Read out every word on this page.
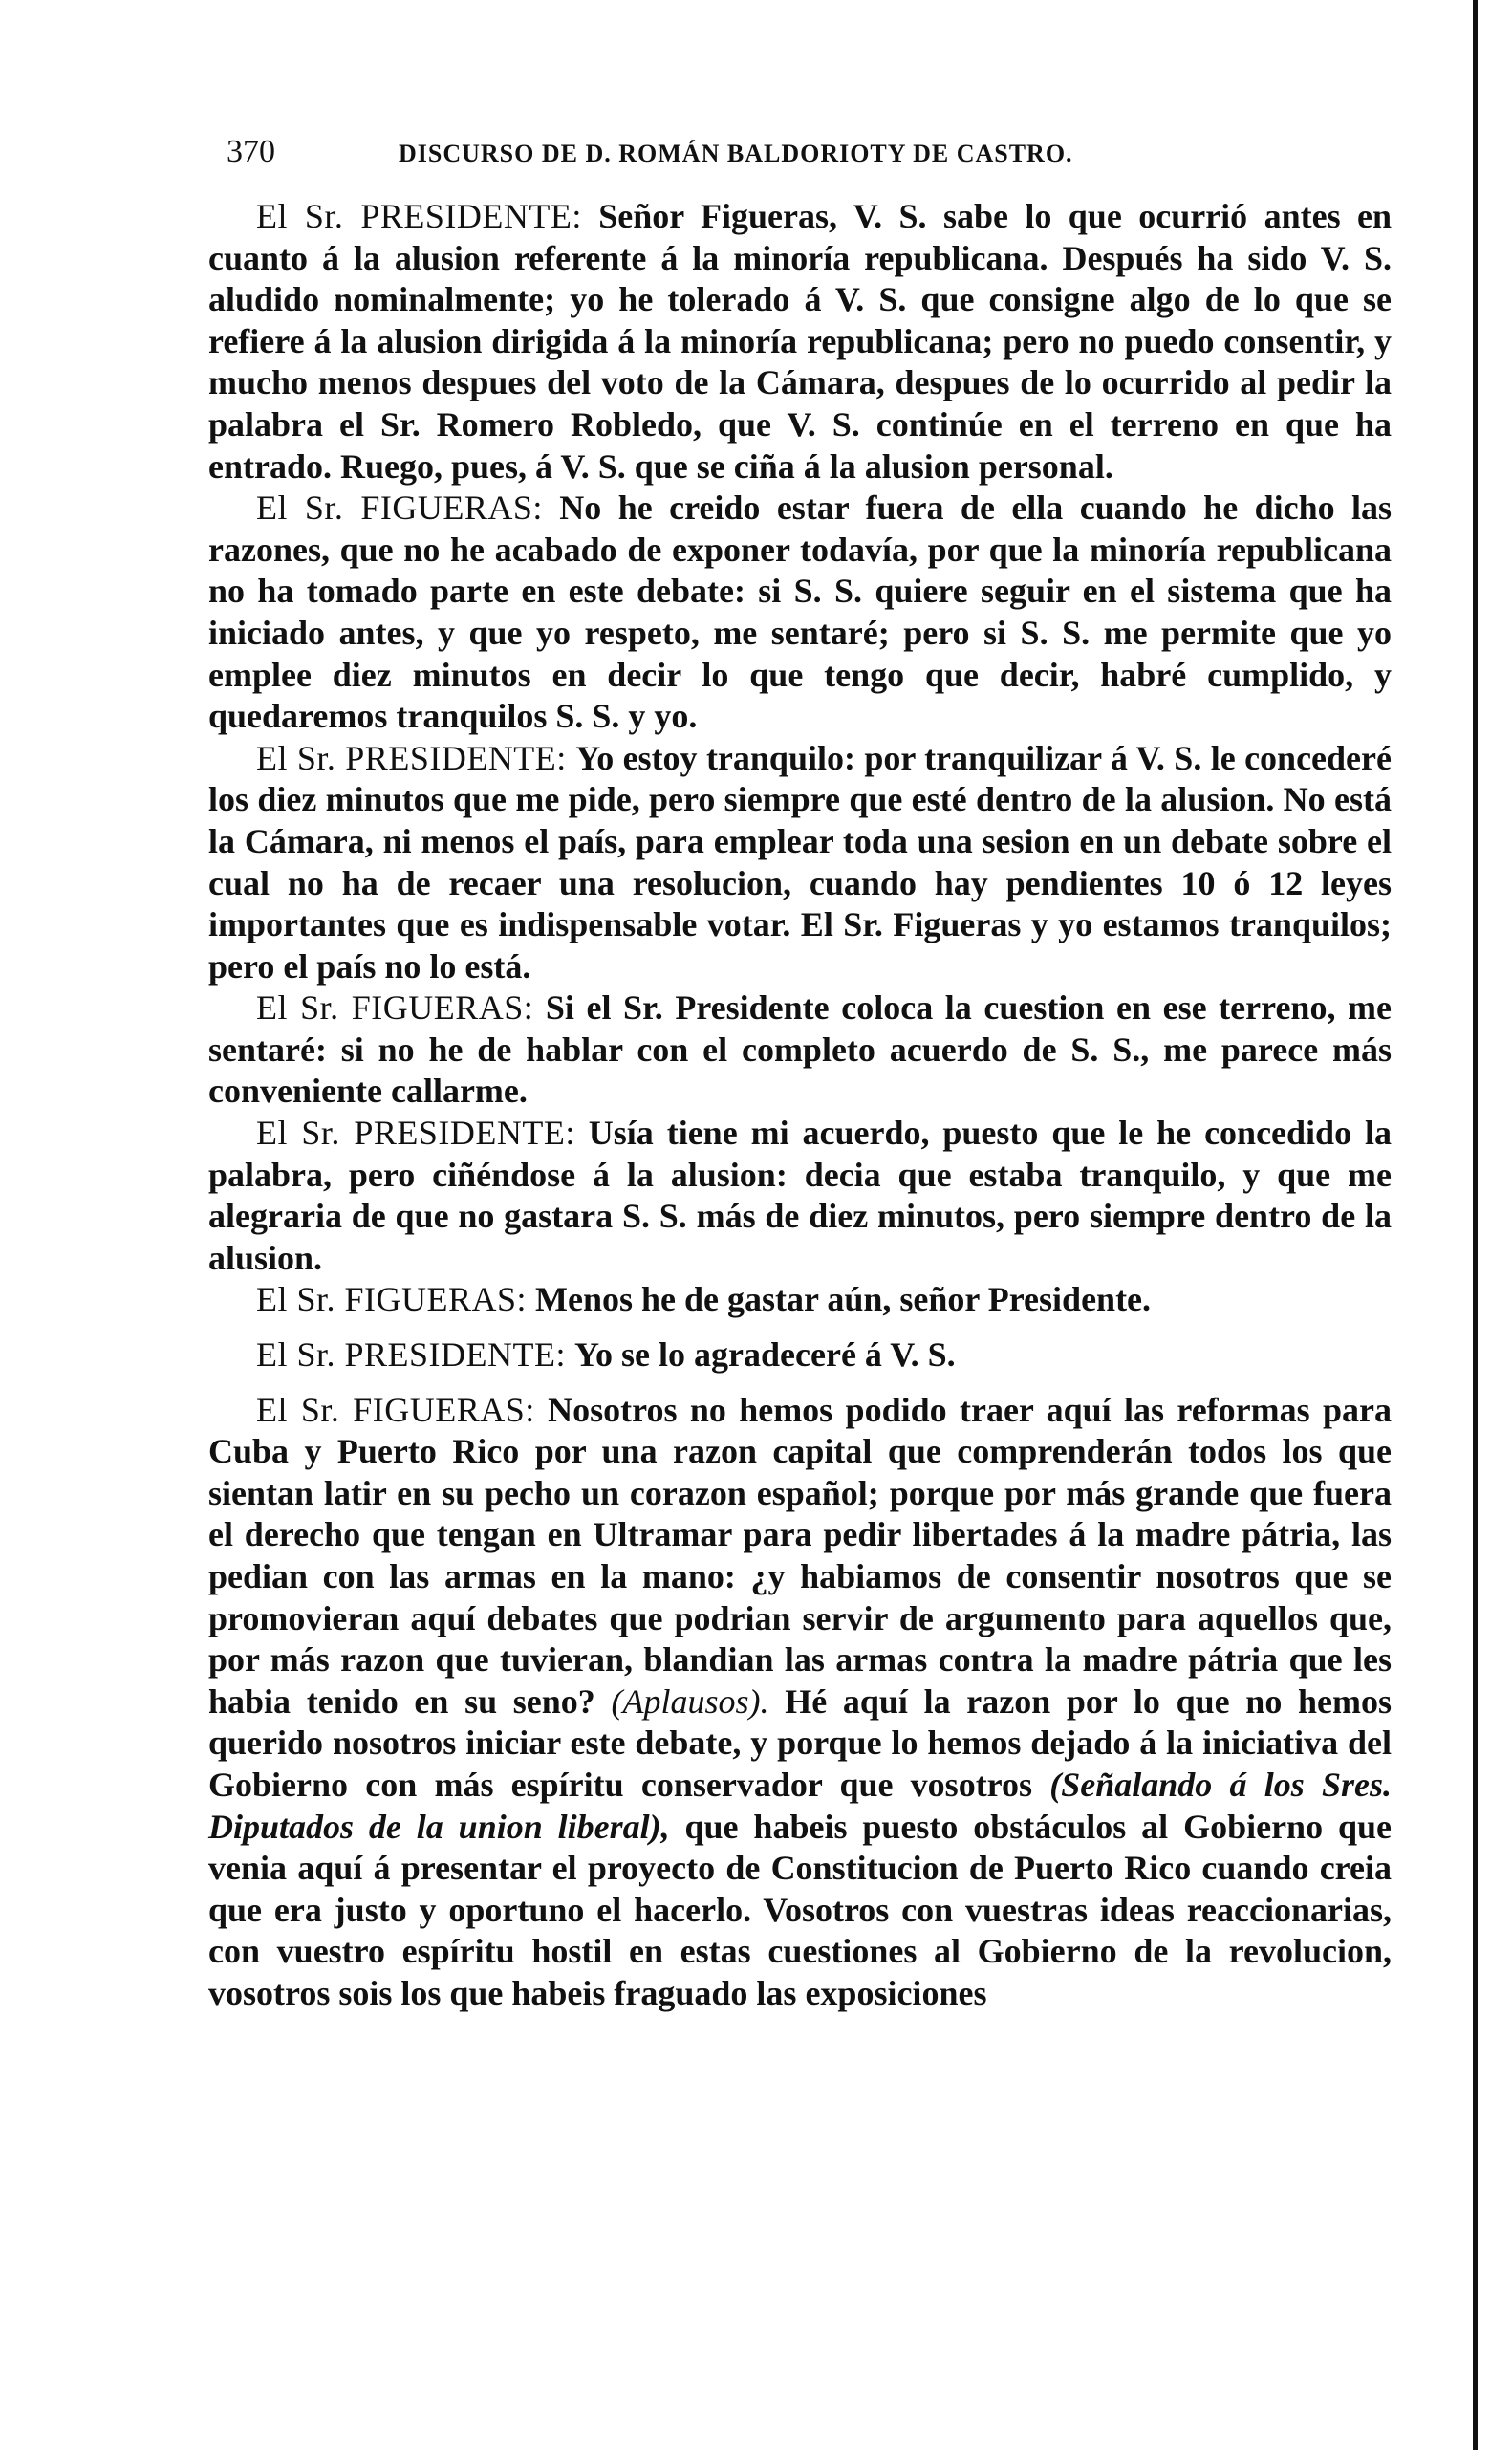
370	DISCURSO DE D. ROMÁN BALDORIOTY DE CASTRO.

El Sr. PRESIDENTE: Señor Figueras, V. S. sabe lo que ocurrió antes en cuanto á la alusion referente á la minoría republicana. Después ha sido V. S. aludido nominalmente; yo he tolerado á V. S. que consigne algo de lo que se refiere á la alusion dirigida á la minoría republicana; pero no puedo consentir, y mucho menos despues del voto de la Cámara, despues de lo ocurrido al pedir la palabra el Sr. Romero Robledo, que V. S. continúe en el terreno en que ha entrado. Ruego, pues, á V. S. que se ciña á la alusion personal.

El Sr. FIGUERAS: No he creido estar fuera de ella cuando he dicho las razones, que no he acabado de exponer todavía, por que la minoría republicana no ha tomado parte en este debate: si S. S. quiere seguir en el sistema que ha iniciado antes, y que yo respeto, me sentaré; pero si S. S. me permite que yo emplee diez minutos en decir lo que tengo que decir, habré cumplido, y quedaremos tranquilos S. S. y yo.

El Sr. PRESIDENTE: Yo estoy tranquilo: por tranquilizar á V. S. le concederé los diez minutos que me pide, pero siempre que esté dentro de la alusion. No está la Cámara, ni menos el país, para emplear toda una sesion en un debate sobre el cual no ha de recaer una resolucion, cuando hay pendientes 10 ó 12 leyes importantes que es indispensable votar. El Sr. Figueras y yo estamos tranquilos; pero el país no lo está.

El Sr. FIGUERAS: Si el Sr. Presidente coloca la cuestion en ese terreno, me sentaré: si no he de hablar con el completo acuerdo de S. S., me parece más conveniente callarme.

El Sr. PRESIDENTE: Usía tiene mi acuerdo, puesto que le he concedido la palabra, pero ciñéndose á la alusion: decia que estaba tranquilo, y que me alegraria de que no gastara S. S. más de diez minutos, pero siempre dentro de la alusion.

El Sr. FIGUERAS: Menos he de gastar aún, señor Presidente.

El Sr. PRESIDENTE: Yo se lo agradeceré á V. S.

El Sr. FIGUERAS: Nosotros no hemos podido traer aquí las reformas para Cuba y Puerto Rico por una razon capital que comprenderán todos los que sientan latir en su pecho un corazon español; porque por más grande que fuera el derecho que tengan en Ultramar para pedir libertades á la madre pátria, las pedian con las armas en la mano: ¿y habiamos de consentir nosotros que se promovieran aquí debates que podrian servir de argumento para aquellos que, por más razon que tuvieran, blandian las armas contra la madre pátria que les habia tenido en su seno? (Aplausos). Hé aquí la razon por lo que no hemos querido nosotros iniciar este debate, y porque lo hemos dejado á la iniciativa del Gobierno con más espíritu conservador que vosotros (Señalando á los Sres. Diputados de la union liberal), que habeis puesto obstáculos al Gobierno que venia aquí á presentar el proyecto de Constitucion de Puerto Rico cuando creia que era justo y oportuno el hacerlo. Vosotros con vuestras ideas reaccionarias, con vuestro espíritu hostil en estas cuestiones al Gobierno de la revolucion, vosotros sois los que habeis fraguado las exposiciones
